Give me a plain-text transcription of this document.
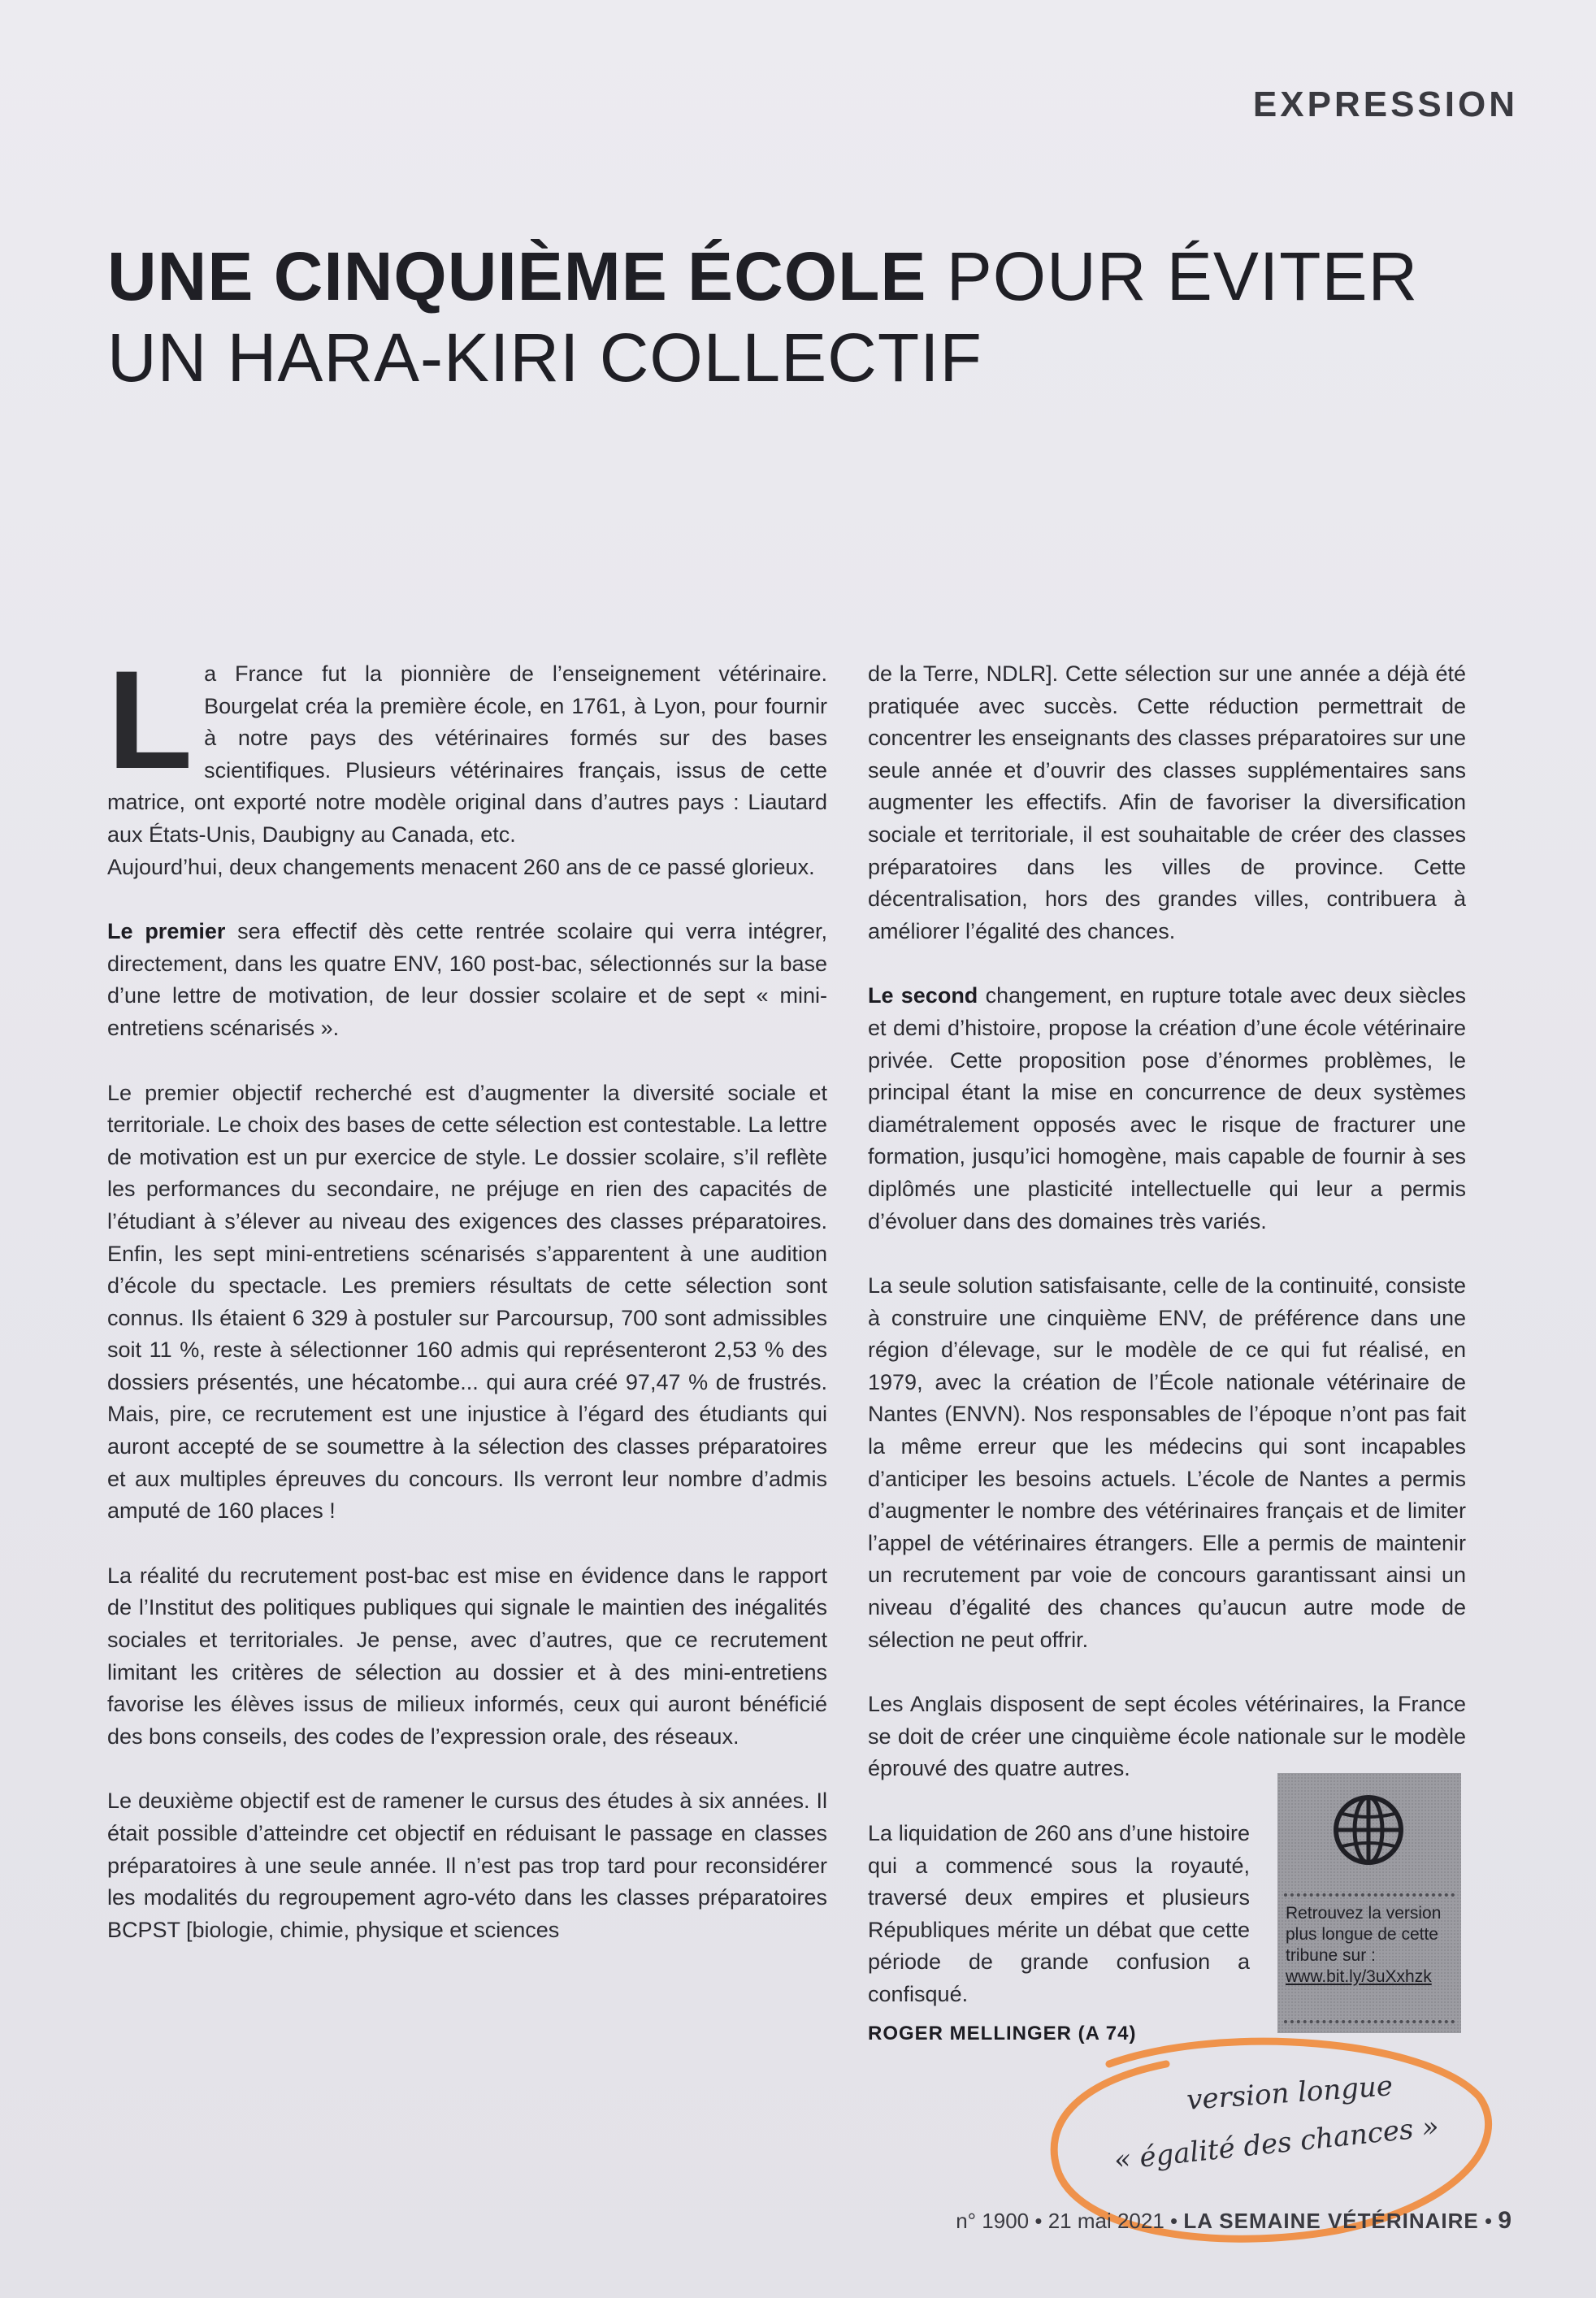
EXPRESSION
UNE CINQUIÈME ÉCOLE POUR ÉVITER
UN HARA-KIRI COLLECTIF

La France fut la pionnière de l’enseignement vétérinaire. Bourgelat créa la première école, en 1761, à Lyon, pour fournir à notre pays des vétérinaires formés sur des bases scientifiques. Plusieurs vétérinaires français, issus de cette matrice, ont exporté notre modèle original dans d’autres pays : Liautard aux États-Unis, Daubigny au Canada, etc.

Aujourd’hui, deux changements menacent 260 ans de ce passé glorieux.

Le premier sera effectif dès cette rentrée scolaire qui verra intégrer, directement, dans les quatre ENV, 160 post-bac, sélectionnés sur la base d’une lettre de motivation, de leur dossier scolaire et de sept « mini-entretiens scénarisés ».

Le premier objectif recherché est d’augmenter la diversité sociale et territoriale. Le choix des bases de cette sélection est contestable. La lettre de motivation est un pur exercice de style. Le dossier scolaire, s’il reflète les performances du secondaire, ne préjuge en rien des capacités de l’étudiant à s’élever au niveau des exigences des classes préparatoires. Enfin, les sept mini-entretiens scénarisés s’apparentent à une audition d’école du spectacle. Les premiers résultats de cette sélection sont connus. Ils étaient 6 329 à postuler sur Parcoursup, 700 sont admissibles soit 11 %, reste à sélectionner 160 admis qui représenteront 2,53 % des dossiers présentés, une hécatombe... qui aura créé 97,47 % de frustrés. Mais, pire, ce recrutement est une injustice à l’égard des étudiants qui auront accepté de se soumettre à la sélection des classes préparatoires et aux multiples épreuves du concours. Ils verront leur nombre d’admis amputé de 160 places !

La réalité du recrutement post-bac est mise en évidence dans le rapport de l’Institut des politiques publiques qui signale le maintien des inégalités sociales et territoriales. Je pense, avec d’autres, que ce recrutement limitant les critères de sélection au dossier et à des mini-entretiens favorise les élèves issus de milieux informés, ceux qui auront bénéficié des bons conseils, des codes de l’expression orale, des réseaux.

Le deuxième objectif est de ramener le cursus des études à six années. Il était possible d’atteindre cet objectif en réduisant le passage en classes préparatoires à une seule année. Il n’est pas trop tard pour reconsidérer les modalités du regroupement agro-véto dans les classes préparatoires BCPST [biologie, chimie, physique et sciences

de la Terre, NDLR]. Cette sélection sur une année a déjà été pratiquée avec succès. Cette réduction permettrait de concentrer les enseignants des classes préparatoires sur une seule année et d’ouvrir des classes supplémentaires sans augmenter les effectifs. Afin de favoriser la diversification sociale et territoriale, il est souhaitable de créer des classes préparatoires dans les villes de province. Cette décentralisation, hors des grandes villes, contribuera à améliorer l’égalité des chances.

Le second changement, en rupture totale avec deux siècles et demi d’histoire, propose la création d’une école vétérinaire privée. Cette proposition pose d’énormes problèmes, le principal étant la mise en concurrence de deux systèmes diamétralement opposés avec le risque de fracturer une formation, jusqu’ici homogène, mais capable de fournir à ses diplômés une plasticité intellectuelle qui leur a permis d’évoluer dans des domaines très variés.

La seule solution satisfaisante, celle de la continuité, consiste à construire une cinquième ENV, de préférence dans une région d’élevage, sur le modèle de ce qui fut réalisé, en 1979, avec la création de l’École nationale vétérinaire de Nantes (ENVN). Nos responsables de l’époque n’ont pas fait la même erreur que les médecins qui sont incapables d’anticiper les besoins actuels. L’école de Nantes a permis d’augmenter le nombre des vétérinaires français et de limiter l’appel de vétérinaires étrangers. Elle a permis de maintenir un recrutement par voie de concours garantissant ainsi un niveau d’égalité des chances qu’aucun autre mode de sélection ne peut offrir.

Les Anglais disposent de sept écoles vétérinaires, la France se doit de créer une cinquième école nationale sur le modèle éprouvé des quatre autres.

La liquidation de 260 ans d’une histoire qui a commencé sous la royauté, traversé deux empires et plusieurs Républiques mérite un débat que cette période de grande confusion a confisqué.

ROGER MELLINGER (A 74)
Retrouvez la version plus longue de cette tribune sur : www.bit.ly/3uXxhzk
version longue
« égalité des chances »
n° 1900 • 21 mai 2021 • LA SEMAINE VÉTÉRINAIRE • 9
